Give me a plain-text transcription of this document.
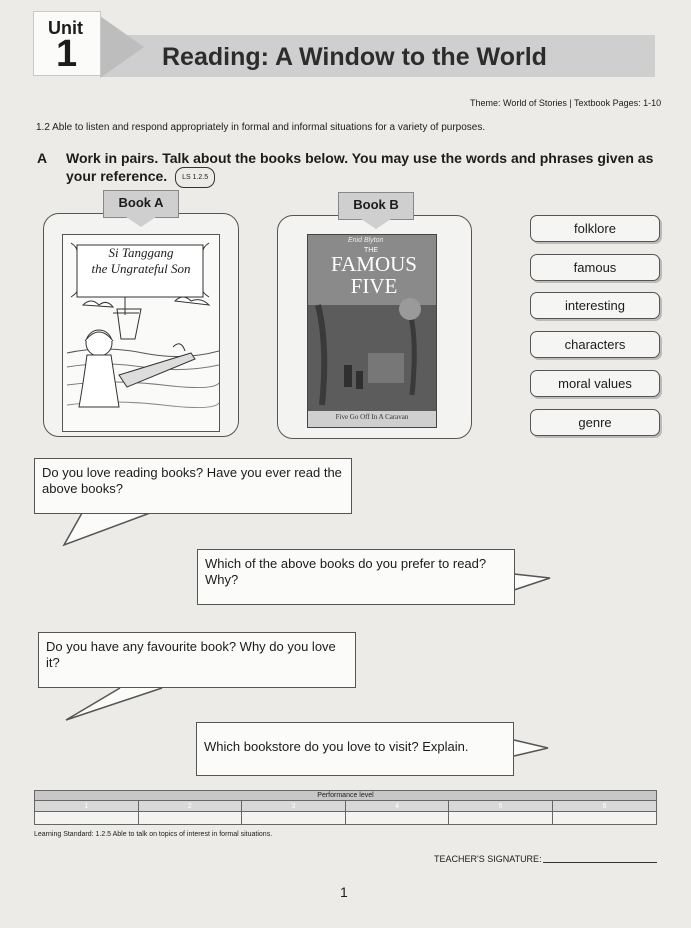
Unit
1	Reading: A Window to the World
Theme: World of Stories | Textbook Pages: 1-10
1.2 Able to listen and respond appropriately in formal and informal situations for a variety of purposes.
A Work in pairs. Talk about the books below. You may use the words and phrases given as your reference. LS 1.2.5
Book A
Si Tanggang
the Ungrateful Son
Book B
Enid Blyton
THE
FAMOUS
FIVE
Five Go Off In A Caravan
folklore
famous
interesting
characters
moral values
genre
Do you love reading books? Have you ever read the above books?
Which of the above books do you prefer to read? Why?
Do you have any favourite book? Why do you love it?
Which bookstore do you love to visit? Explain.
Performance level					
1	2	3	4	5	6

Learning Standard: 1.2.5 Able to talk on topics of interest in formal situations.
TEACHER'S SIGNATURE:
1
